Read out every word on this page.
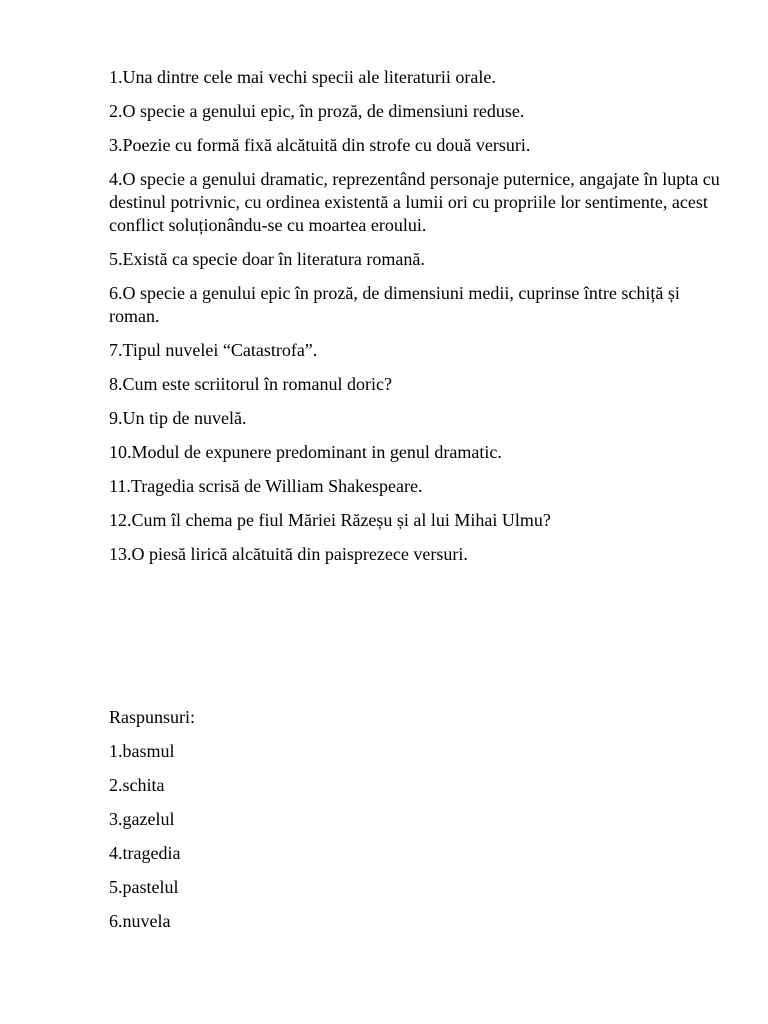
1.Una dintre cele mai vechi specii ale literaturii orale.

2.O specie a genului epic, în proză, de dimensiuni reduse.

3.Poezie cu formă fixă alcătuită din strofe cu două versuri.

4.O specie a genului dramatic, reprezentând personaje puternice, angajate în lupta cu destinul potrivnic, cu ordinea existentă a lumii ori cu propriile lor sentimente, acest conflict soluționându-se cu moartea eroului.

5.Există ca specie doar în literatura romană.

6.O specie a genului epic în proză, de dimensiuni medii, cuprinse între schiță și roman.

7.Tipul nuvelei “Catastrofa”.

8.Cum este scriitorul în romanul doric?

9.Un tip de nuvelă.

10.Modul de expunere predominant in genul dramatic.

11.Tragedia scrisă de William Shakespeare.

12.Cum îl chema pe fiul Măriei Răzeșu și al lui Mihai Ulmu?

13.O piesă lirică alcătuită din paisprezece versuri.

Raspunsuri:

1.basmul

2.schita

3.gazelul

4.tragedia

5.pastelul

6.nuvela
